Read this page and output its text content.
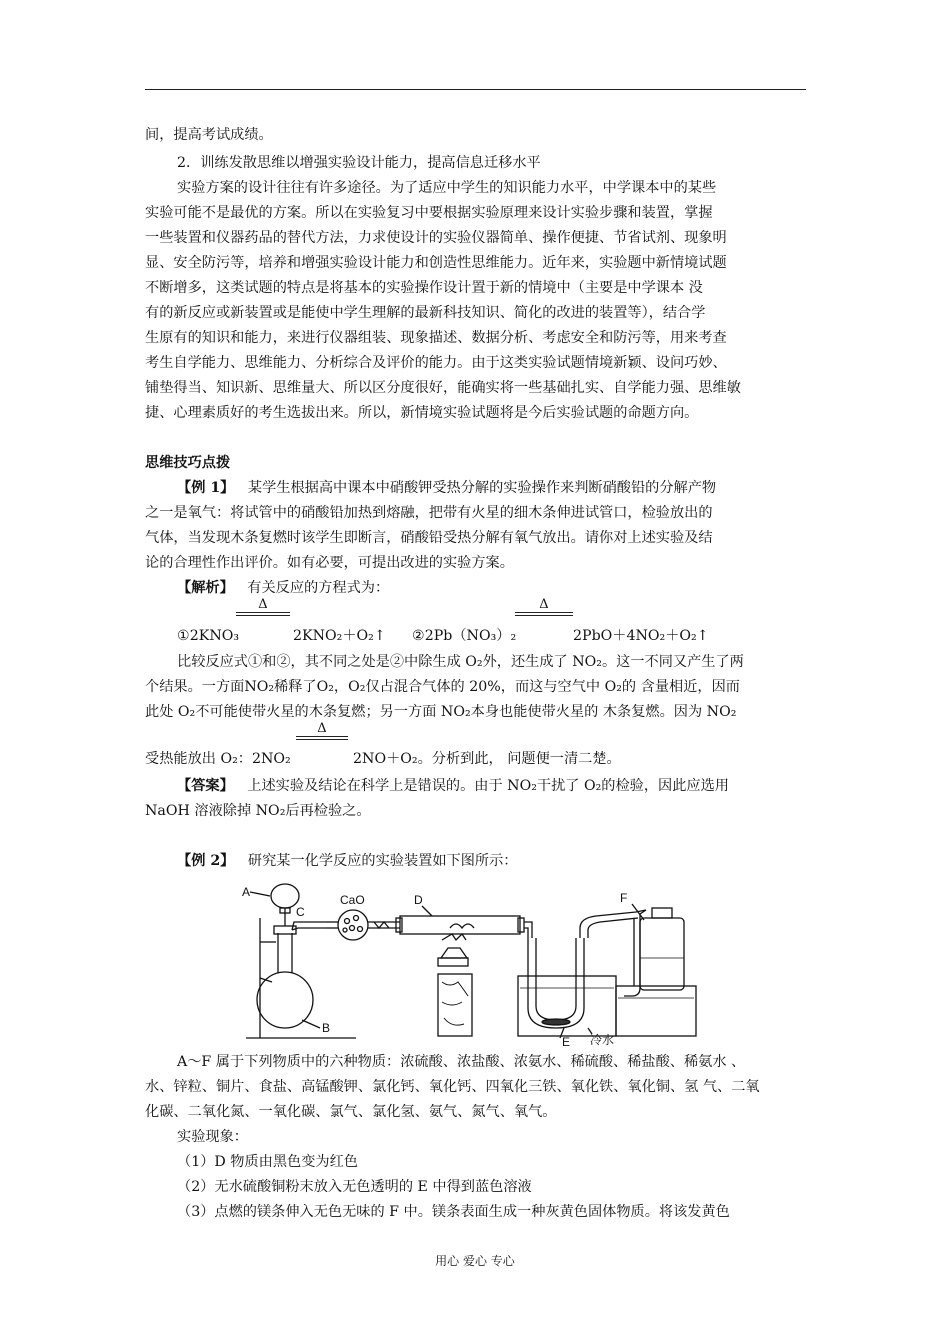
间，提高考试成绩。
2．训练发散思维以增强实验设计能力，提高信息迁移水平
实验方案的设计往往有许多途径。为了适应中学生的知识能力水平，中学课本中的某些
实验可能不是最优的方案。所以在实验复习中要根据实验原理来设计实验步骤和装置，掌握
一些装置和仪器药品的替代方法，力求使设计的实验仪器简单、操作便捷、节省试剂、现象明
显、安全防污等，培养和增强实验设计能力和创造性思维能力。近年来，实验题中新情境试题
不断增多，这类试题的特点是将基本的实验操作设计置于新的情境中（主要是中学课本 没
有的新反应或新装置或是能使中学生理解的最新科技知识、简化的改进的装置等），结合学
生原有的知识和能力，来进行仪器组装、现象描述、数据分析、考虑安全和防污等，用来考查
考生自学能力、思维能力、分析综合及评价的能力。由于这类实验试题情境新颖、设问巧妙、
铺垫得当、知识新、思维量大、所以区分度很好，能确实将一些基础扎实、自学能力强、思维敏
捷、心理素质好的考生选拔出来。所以，新情境实验试题将是今后实验试题的命题方向。
思维技巧点拨
【例 1】 某学生根据高中课本中硝酸钾受热分解的实验操作来判断硝酸铅的分解产物
之一是氧气：将试管中的硝酸铅加热到熔融，把带有火星的细木条伸进试管口，检验放出的
气体，当发现木条复燃时该学生即断言，硝酸铅受热分解有氧气放出。请你对上述实验及结
论的合理性作出评价。如有必要，可提出改进的实验方案。
【解析】 有关反应的方程式为：
Δ	Δ
①2KNO₃	2KNO₂＋O₂↑ ②2Pb（NO₃）₂	2PbO＋4NO₂＋O₂↑
比较反应式①和②，其不同之处是②中除生成 O₂外，还生成了 NO₂。这一不同又产生了两
个结果。一方面NO₂稀释了O₂，O₂仅占混合气体的 20%，而这与空气中 O₂的 含量相近，因而
此处 O₂不可能使带火星的木条复燃；另一方面 NO₂本身也能使带火星的 木条复燃。因为 NO₂
Δ
受热能放出 O₂：2NO₂	2NO＋O₂。分析到此， 问题便一清二楚。
【答案】 上述实验及结论在科学上是错误的。由于 NO₂干扰了 O₂的检验，因此应选用
NaOH 溶液除掉 NO₂后再检验之。
【例 2】 研究某一化学反应的实验装置如下图所示：
A
B
C
CaO	D
E
F
冷水
A～F 属于下列物质中的六种物质：浓硫酸、浓盐酸、浓氨水、稀硫酸、稀盐酸、稀氨水 、
水、锌粒、铜片、食盐、高锰酸钾、氯化钙、氧化钙、四氧化三铁、氧化铁、氧化铜、氢 气、二氧
化碳、二氧化氮、一氧化碳、氯气、氯化氢、氨气、氮气、氧气。
实验现象：
（1）D 物质由黑色变为红色
（2）无水硫酸铜粉末放入无色透明的 E 中得到蓝色溶液
（3）点燃的镁条伸入无色无味的 F 中。镁条表面生成一种灰黄色固体物质。将该发黄色
用心 爱心 专心
